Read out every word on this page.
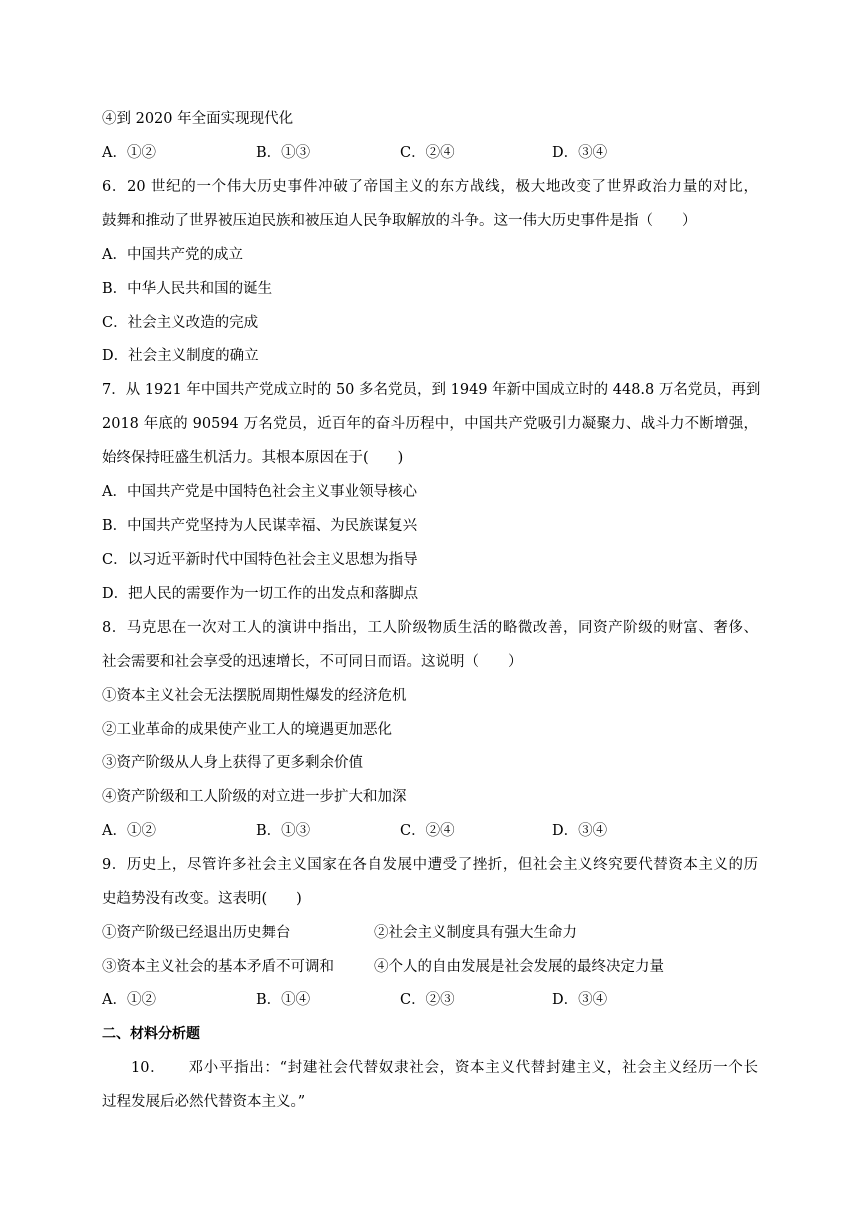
④到 2020 年全面实现现代化
A．①②	B．①③	C．②④	D．③④
6．20 世纪的一个伟大历史事件冲破了帝国主义的东方战线，极大地改变了世界政治力量的对比，
鼓舞和推动了世界被压迫民族和被压迫人民争取解放的斗争。这一伟大历史事件是指（　　）
A．中国共产党的成立
B．中华人民共和国的诞生
C．社会主义改造的完成
D．社会主义制度的确立
7．从 1921 年中国共产党成立时的 50 多名党员，到 1949 年新中国成立时的 448.8 万名党员，再到
2018 年底的 90594 万名党员，近百年的奋斗历程中，中国共产党吸引力凝聚力、战斗力不断增强，
始终保持旺盛生机活力。其根本原因在于(　　)
A．中国共产党是中国特色社会主义事业领导核心
B．中国共产党坚持为人民谋幸福、为民族谋复兴
C．以习近平新时代中国特色社会主义思想为指导
D．把人民的需要作为一切工作的出发点和落脚点
8．马克思在一次对工人的演讲中指出，工人阶级物质生活的略微改善，同资产阶级的财富、奢侈、
社会需要和社会享受的迅速增长，不可同日而语。这说明（　　）
①资本主义社会无法摆脱周期性爆发的经济危机
②工业革命的成果使产业工人的境遇更加恶化
③资产阶级从人身上获得了更多剩余价值
④资产阶级和工人阶级的对立进一步扩大和加深
A．①②	B．①③	C．②④	D．③④
9．历史上，尽管许多社会主义国家在各自发展中遭受了挫折，但社会主义终究要代替资本主义的历
史趋势没有改变。这表明(　　)
①资产阶级已经退出历史舞台	②社会主义制度具有强大生命力
③资本主义社会的基本矛盾不可调和	④个人的自由发展是社会发展的最终决定力量
A．①②	B．①④	C．②③	D．③④
二、材料分析题
10．　　邓小平指出：“封建社会代替奴隶社会，资本主义代替封建主义，社会主义经历一个长
过程发展后必然代替资本主义。”
